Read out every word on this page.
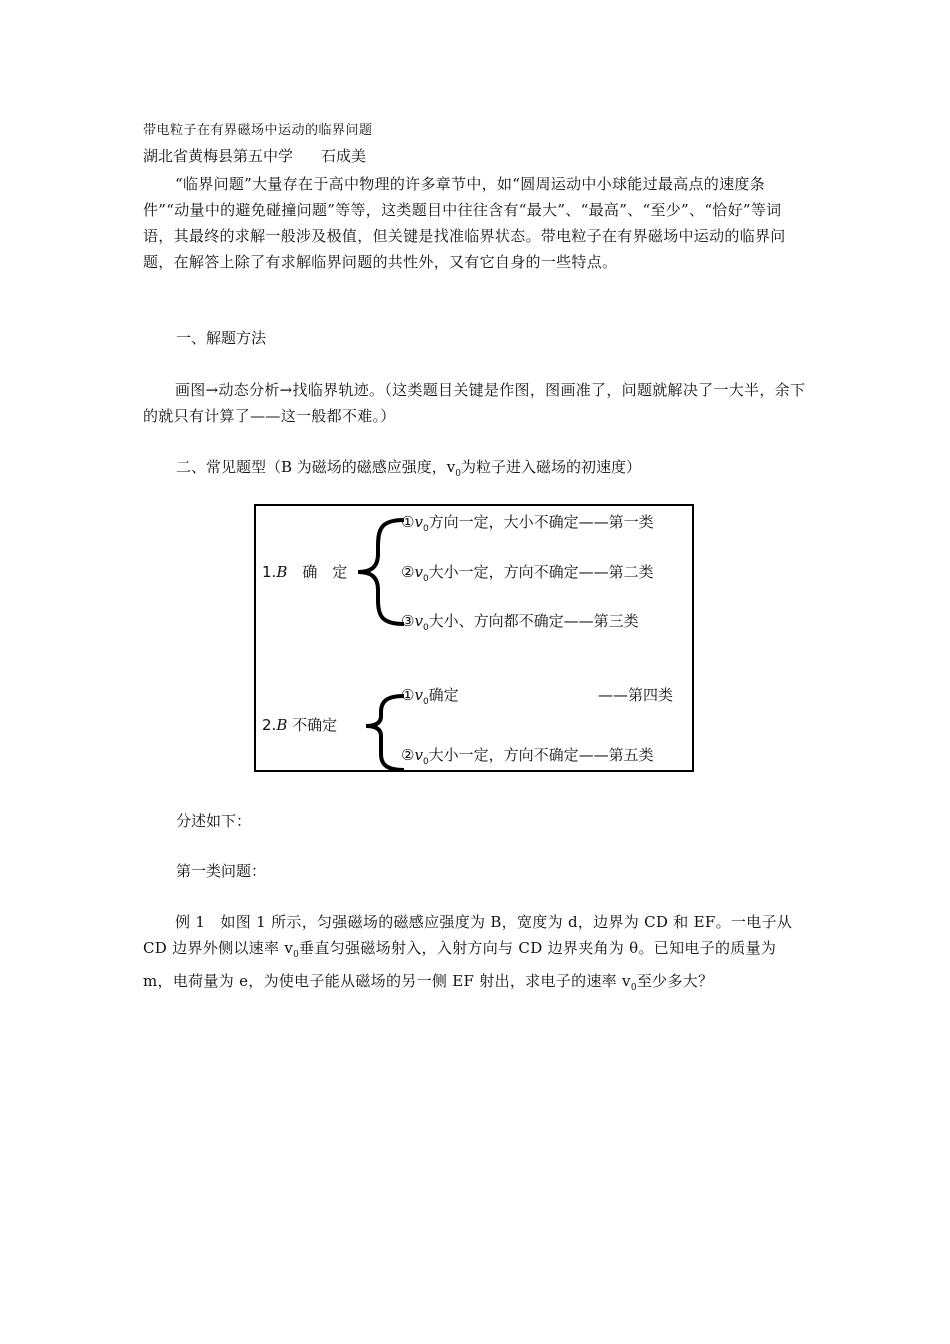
带电粒子在有界磁场中运动的临界问题
湖北省黄梅县第五中学 石成美
“临界问题”大量存在于高中物理的许多章节中，如“圆周运动中小球能过最高点的速度条件”“动量中的避免碰撞问题”等等，这类题目中往往含有“最大”、“最高”、“至少”、“恰好”等词语，其最终的求解一般涉及极值，但关键是找准临界状态。带电粒子在有界磁场中运动的临界问题，在解答上除了有求解临界问题的共性外，又有它自身的一些特点。
一、解题方法
画图→动态分析→找临界轨迹。（这类题目关键是作图，图画准了，问题就解决了一大半，余下的就只有计算了——这一般都不难。）
二、常见题型（B 为磁场的磁感应强度，$v_0$为粒子进入磁场的初速度）
1.B　确　定
$①v_0$方向一定，大小不确定——第一类
$②v_0$大小一定，方向不确定——第二类
$③v_0$大小、方向都不确定——第三类
2.B 不确定
$①v_0$确定	——第四类
$②v_0$大小一定，方向不确定——第五类
分述如下：
第一类问题：
例 1　如图 1 所示，匀强磁场的磁感应强度为 B，宽度为 d，边界为 CD 和 EF。一电子从 CD 边界外侧以速率 $v_0$垂直匀强磁场射入，入射方向与 CD 边界夹角为 θ。已知电子的质量为 m，电荷量为 e，为使电子能从磁场的另一侧 EF 射出，求电子的速率 $v_0$至少多大？
